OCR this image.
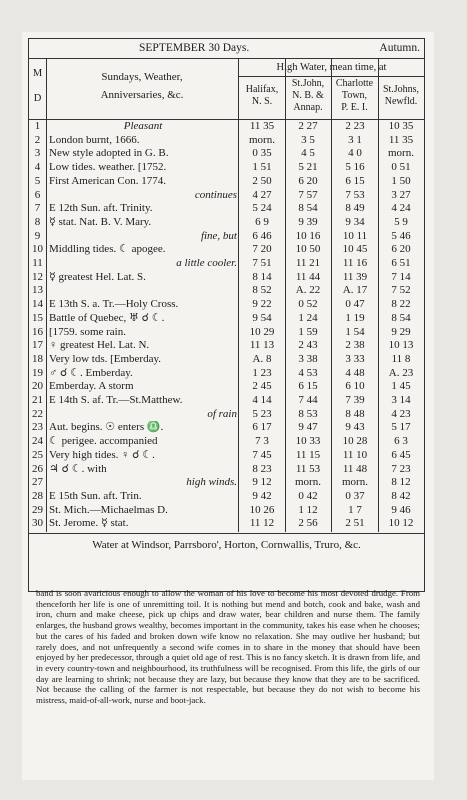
SEPTEMBER 30 Days.	Autumn.
M
D
Sundays, Weather,
Anniversaries, &c.
High Water, mean time, at
Halifax,
N. S.
St.John,
N. B. &
Annap.
Charlotte
Town,
P. E. I.
St.Johns,
Newfld.
1	Pleasant	11 35	2 27	2 23	10 35
2 London burnt, 1666.	morn.	3 5	3 1	11 35
3 New style adopted in G. B.	0 35	4 5	4 0	morn.
4 Low tides. weather. [1752.	1 51	5 21	5 16	0 51
5 First American Con. 1774.	2 50	6 20	6 15	1 50
6	continues	4 27	7 57	7 53	3 27
7 E 12th Sun. aft. Trinity.	5 24	8 54	8 49	4 24
8 ☿ stat. Nat. B. V. Mary.	6 9	9 39	9 34	5 9
9	fine, but	6 46	10 16	10 11	5 46
10 Middling tides. ☾ apogee.	7 20	10 50	10 45	6 20
11	a little cooler.	7 51	11 21	11 16	6 51
12 ☿ greatest Hel. Lat. S.	8 14	11 44	11 39	7 14
13	8 52	A. 22	A. 17	7 52
14 E 13th S. a. Tr.—Holy Cross.	9 22	0 52	0 47	8 22
15 Battle of Quebec, ♅ ☌ ☾.	9 54	1 24	1 19	8 54
16 [1759. some rain.	10 29	1 59	1 54	9 29
17 ♀ greatest Hel. Lat. N.	11 13	2 43	2 38	10 13
18 Very low tds. [Emberday.	A. 8	3 38	3 33	11 8
19 ♂ ☌ ☾. Emberday.	1 23	4 53	4 48	A. 23
20 Emberday. A storm	2 45	6 15	6 10	1 45
21 E 14th S. af. Tr.—St.Matthew.	4 14	7 44	7 39	3 14
22	of rain	5 23	8 53	8 48	4 23
23 Aut. begins. ☉ enters ♎.	6 17	9 47	9 43	5 17
24 ☾ perigee. accompanied	7 3	10 33	10 28	6 3
25 Very high tides. ♀ ☌ ☾.	7 45	11 15	11 10	6 45
26 ♃ ☌ ☾. with	8 23	11 53	11 48	7 23
27	high winds.	9 12	morn.	morn.	8 12
28 E 15th Sun. aft. Trin.	9 42	0 42	0 37	8 42
29 St. Mich.—Michaelmas D.	10 26	1 12	1 7	9 46
30 St. Jerome. ☿ stat.	11 12	2 56	2 51	10 12
Water at Windsor, Parrsboro', Horton, Cornwallis, Truro, &c.
band is soon avaricious enough to allow the woman of his love to become his most devoted drudge. From thenceforth her life is one of unremitting toil. It is nothing but mend and botch, cook and bake, wash and iron, churn and make cheese, pick up chips and draw water, bear children and nurse them. The family enlarges, the husband grows wealthy, becomes important in the community, takes his ease when he chooses; but the cares of his faded and broken down wife know no relaxation. She may outlive her husband; but rarely does, and not unfrequently a second wife comes in to share in the money that should have been enjoyed by her predecessor, through a quiet old age of rest. This is no fancy sketch. It is drawn from life, and in every country-town and neighbourhood, its truthfulness will be recognised. From this life, the girls of our day are learning to shrink; not because they are lazy, but because they know that they are to be sacrificed. Not because the calling of the farmer is not respectable, but because they do not wish to become his mistress, maid-of-all-work, nurse and boot-jack.
